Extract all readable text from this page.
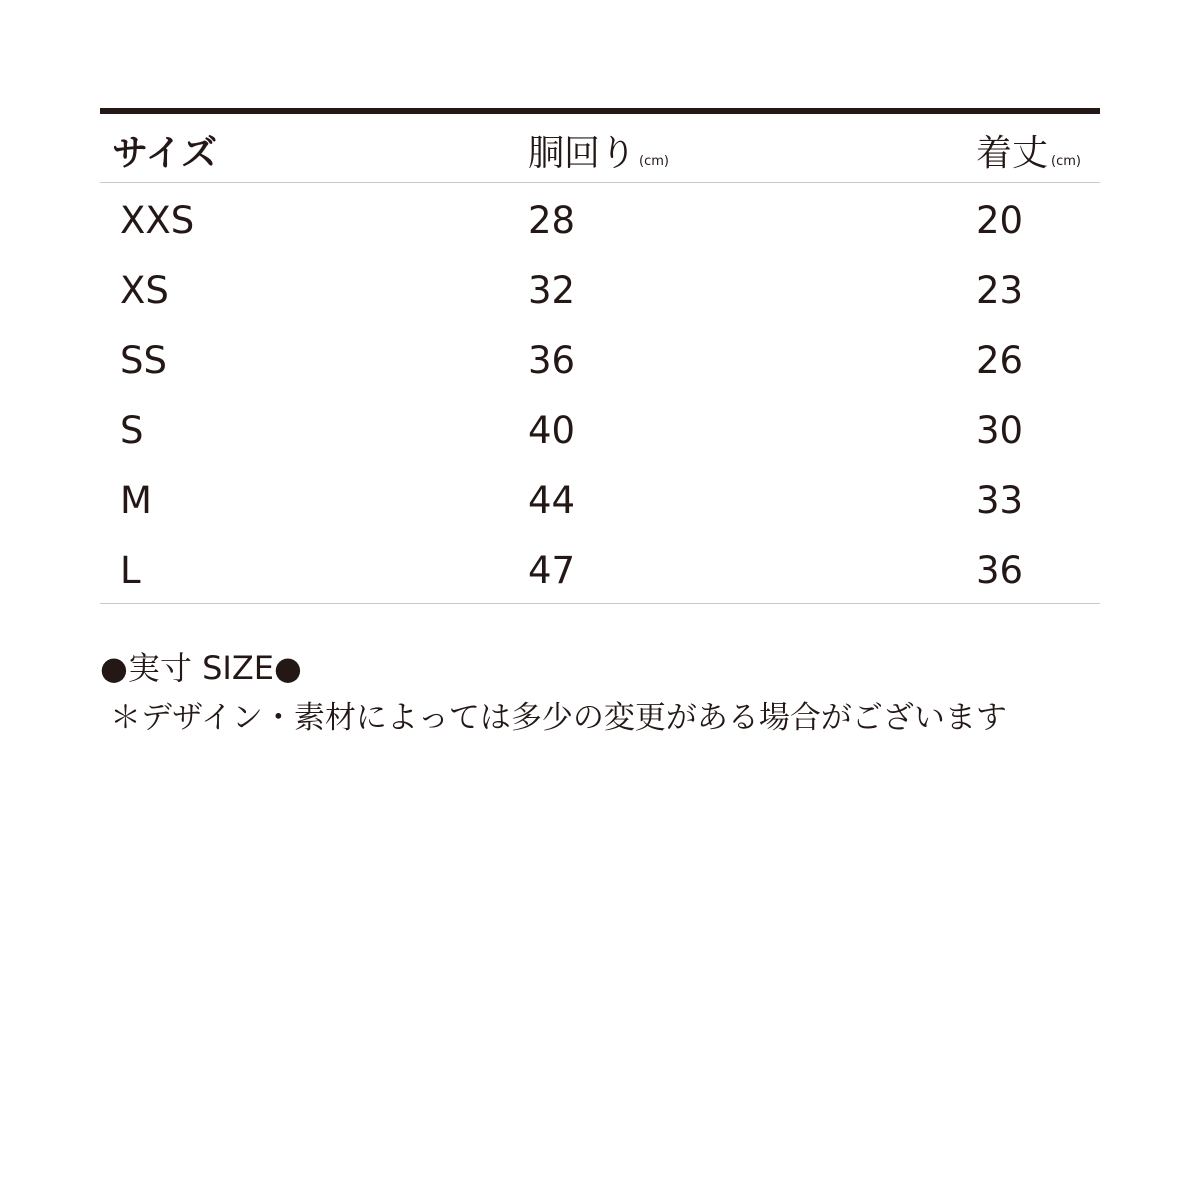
サイズ	胴回り (cm)	着丈 (cm)
XXS	28	20
XS	32	23
SS	36	26
S	40	30
M	44	33
L	47	36
●実寸 SIZE●
＊デザイン・素材によっては多少の変更がある場合がございます
